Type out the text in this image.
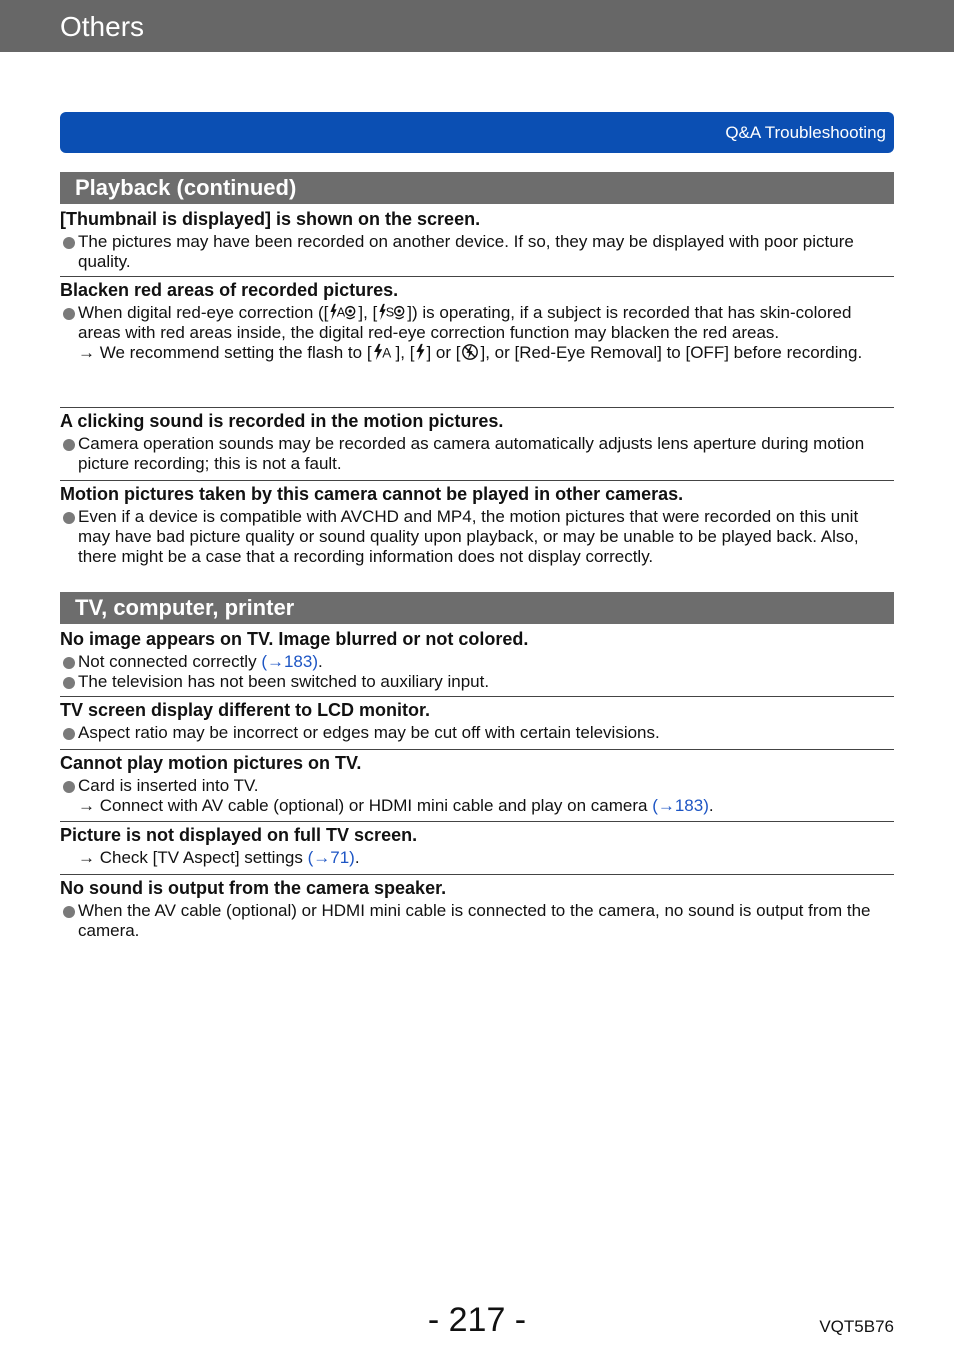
Others
Q&A Troubleshooting
Playback (continued)
[Thumbnail is displayed] is shown on the screen.
The pictures may have been recorded on another device. If so, they may be displayed with poor picture quality.
Blacken red areas of recorded pictures.
When digital red-eye correction ([ A ], [ S ]) is operating, if a subject is recorded that has skin-colored areas with red areas inside, the digital red-eye correction function may blacken the red areas.
→ We recommend setting the flash to [ A ], [ ] or [ ], or [Red-Eye Removal] to [OFF] before recording.
A clicking sound is recorded in the motion pictures.
Camera operation sounds may be recorded as camera automatically adjusts lens aperture during motion picture recording; this is not a fault.
Motion pictures taken by this camera cannot be played in other cameras.
Even if a device is compatible with AVCHD and MP4, the motion pictures that were recorded on this unit may have bad picture quality or sound quality upon playback, or may be unable to be played back. Also, there might be a case that a recording information does not display correctly.
TV, computer, printer
No image appears on TV. Image blurred or not colored.
Not connected correctly (→183).
The television has not been switched to auxiliary input.
TV screen display different to LCD monitor.
Aspect ratio may be incorrect or edges may be cut off with certain televisions.
Cannot play motion pictures on TV.
Card is inserted into TV.
→ Connect with AV cable (optional) or HDMI mini cable and play on camera (→183).
Picture is not displayed on full TV screen.
→ Check [TV Aspect] settings (→71).
No sound is output from the camera speaker.
When the AV cable (optional) or HDMI mini cable is connected to the camera, no sound is output from the camera.
- 217 -	VQT5B76
